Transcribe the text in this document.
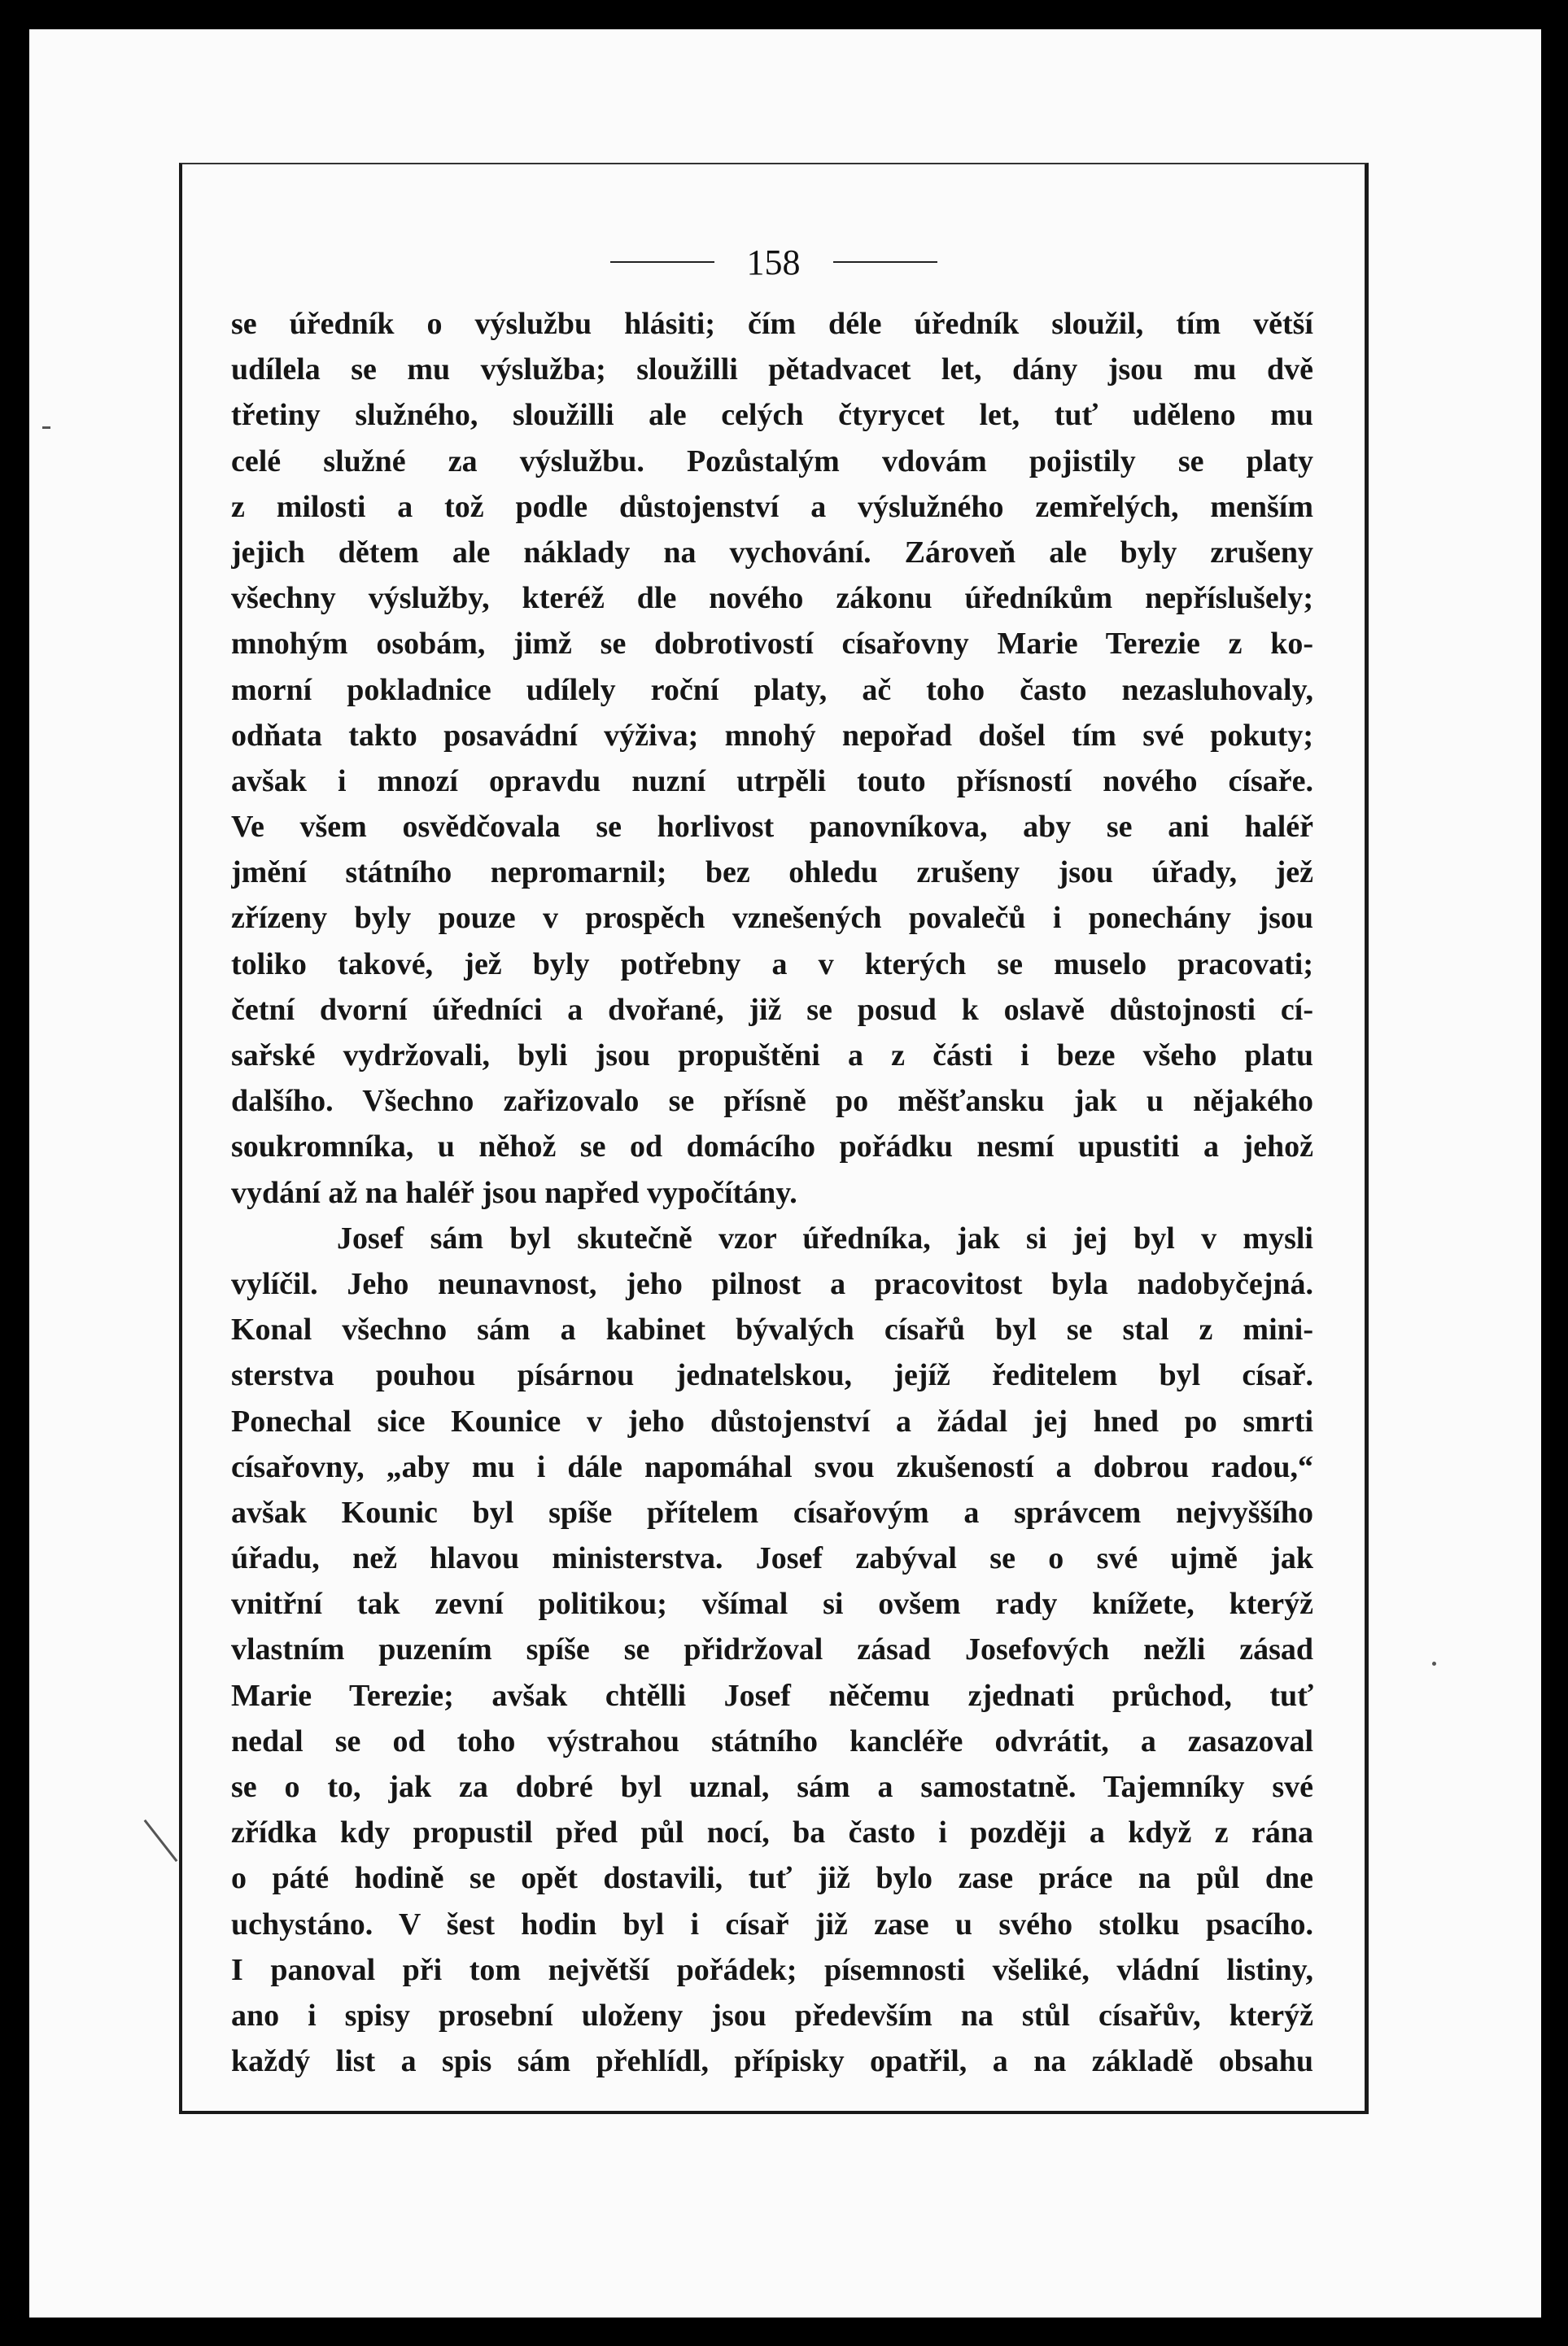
158
se úředník o výslužbu hlásiti; čím déle úředník sloužil, tím větší
udílela se mu výslužba; sloužilli pětadvacet let, dány jsou mu dvě
třetiny služného, sloužilli ale celých čtyrycet let, tuť uděleno mu
celé služné za výslužbu. Pozůstalým vdovám pojistily se platy
z milosti a tož podle důstojenství a výslužného zemřelých, menším
jejich dětem ale náklady na vychování. Zároveň ale byly zrušeny
všechny výslužby, kteréž dle nového zákonu úředníkům nepříslušely;
mnohým osobám, jimž se dobrotivostí císařovny Marie Terezie z ko-
morní pokladnice udílely roční platy, ač toho často nezasluhovaly,
odňata takto posavádní výživa; mnohý nepořad došel tím své pokuty;
avšak i mnozí opravdu nuzní utrpěli touto přísností nového císaře.
Ve všem osvědčovala se horlivost panovníkova, aby se ani haléř
jmění státního nepromarnil; bez ohledu zrušeny jsou úřady, jež
zřízeny byly pouze v prospěch vznešených povalečů i ponechány jsou
toliko takové, jež byly potřebny a v kterých se muselo pracovati;
četní dvorní úředníci a dvořané, již se posud k oslavě důstojnosti cí-
sařské vydržovali, byli jsou propuštěni a z části i beze všeho platu
dalšího. Všechno zařizovalo se přísně po měšťansku jak u nějakého
soukromníka, u něhož se od domácího pořádku nesmí upustiti a jehož
vydání až na haléř jsou napřed vypočítány.
Josef sám byl skutečně vzor úředníka, jak si jej byl v mysli
vylíčil. Jeho neunavnost, jeho pilnost a pracovitost byla nadobyčejná.
Konal všechno sám a kabinet bývalých císařů byl se stal z mini-
sterstva pouhou písárnou jednatelskou, jejíž ředitelem byl císař.
Ponechal sice Kounice v jeho důstojenství a žádal jej hned po smrti
císařovny, „aby mu i dále napomáhal svou zkušeností a dobrou radou,“
avšak Kounic byl spíše přítelem císařovým a správcem nejvyššího
úřadu, než hlavou ministerstva. Josef zabýval se o své ujmě jak
vnitřní tak zevní politikou; všímal si ovšem rady knížete, kterýž
vlastním puzením spíše se přidržoval zásad Josefových nežli zásad
Marie Terezie; avšak chtělli Josef něčemu zjednati průchod, tuť
nedal se od toho výstrahou státního kancléře odvrátit, a zasazoval
se o to, jak za dobré byl uznal, sám a samostatně. Tajemníky své
zřídka kdy propustil před půl nocí, ba často i později a když z rána
o páté hodině se opět dostavili, tuť již bylo zase práce na půl dne
uchystáno. V šest hodin byl i císař již zase u svého stolku psacího.
I panoval při tom největší pořádek; písemnosti všeliké, vládní listiny,
ano i spisy prosební uloženy jsou především na stůl císařův, kterýž
každý list a spis sám přehlídl, přípisky opatřil, a na základě obsahu
